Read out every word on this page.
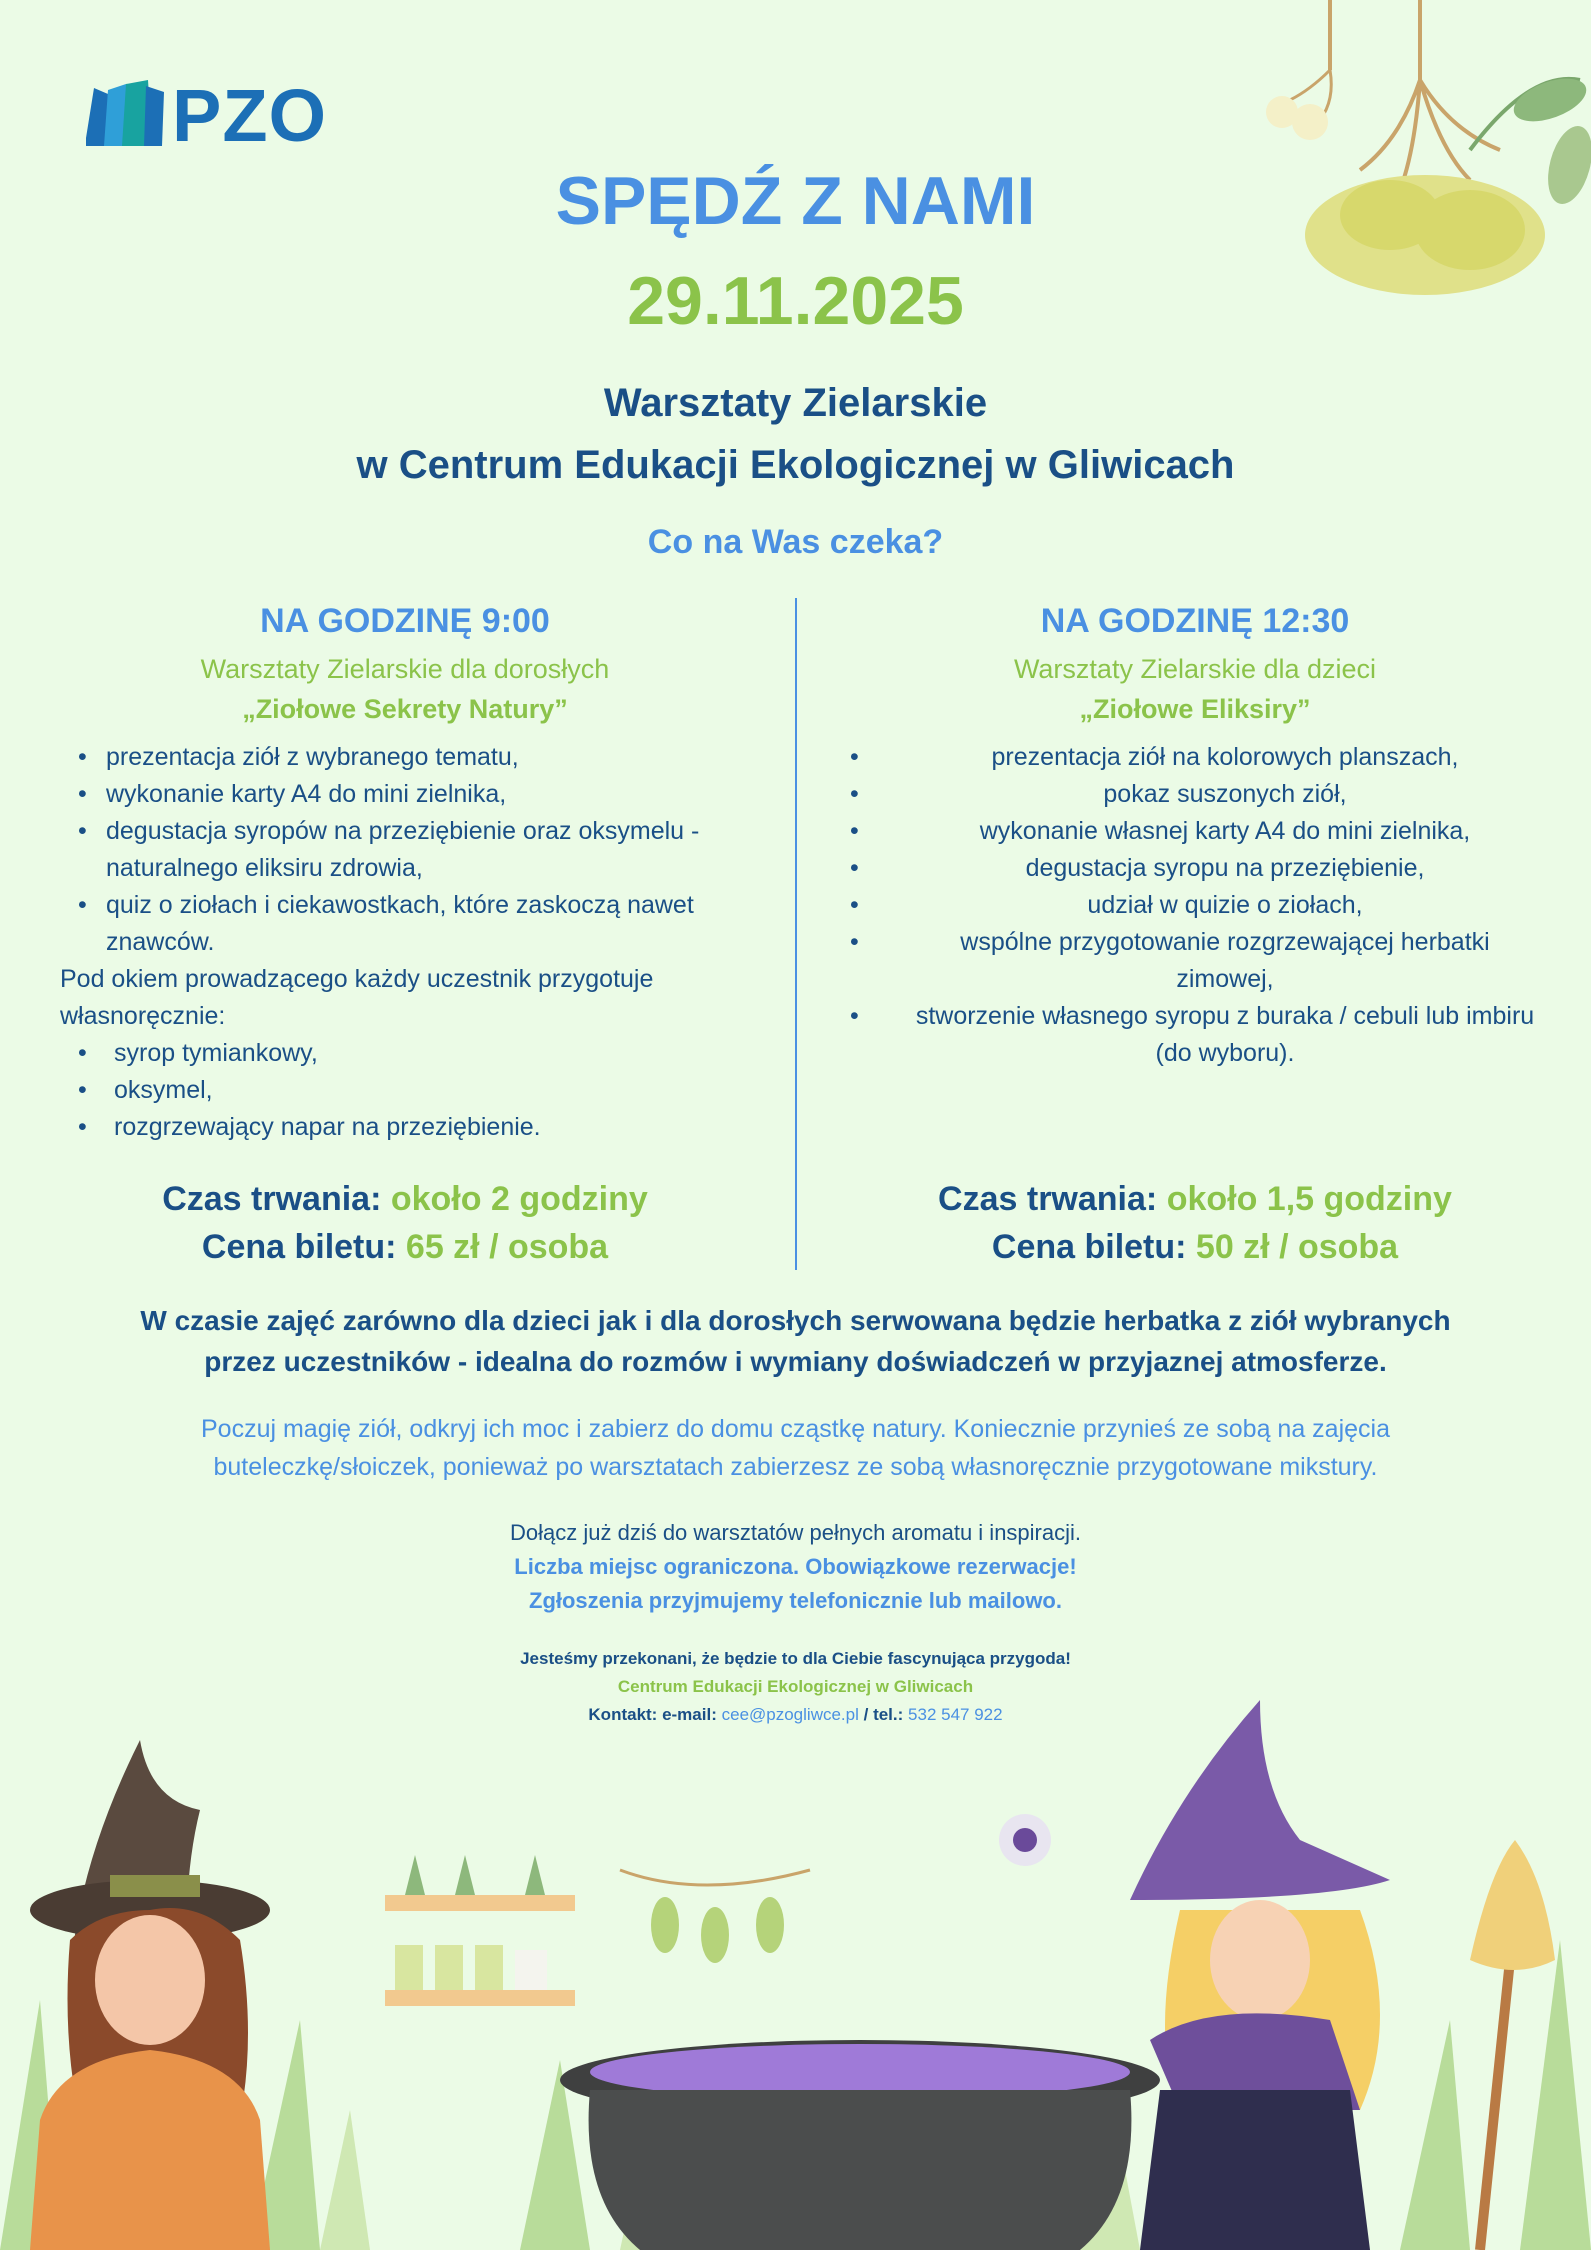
PZO
SPĘDŹ Z NAMI
29.11.2025
Warsztaty Zielarskie
w Centrum Edukacji Ekologicznej w Gliwicach
Co na Was czeka?
NA GODZINĘ 9:00
Warsztaty Zielarskie dla dorosłych
„Ziołowe Sekrety Natury”
• prezentacja ziół z wybranego tematu,
• wykonanie karty A4 do mini zielnika,
• degustacja syropów na przeziębienie oraz oksymelu - naturalnego eliksiru zdrowia,
• quiz o ziołach i ciekawostkach, które zaskoczą nawet znawców.
Pod okiem prowadzącego każdy uczestnik przygotuje własnoręcznie:
• syrop tymiankowy,
• oksymel,
• rozgrzewający napar na przeziębienie.
Czas trwania: około 2 godziny
Cena biletu: 65 zł / osoba
NA GODZINĘ 12:30
Warsztaty Zielarskie dla dzieci
„Ziołowe Eliksiry”
• prezentacja ziół na kolorowych planszach,
• pokaz suszonych ziół,
• wykonanie własnej karty A4 do mini zielnika,
• degustacja syropu na przeziębienie,
• udział w quizie o ziołach,
• wspólne przygotowanie rozgrzewającej herbatki zimowej,
• stworzenie własnego syropu z buraka / cebuli lub imbiru (do wyboru).
Czas trwania: około 1,5 godziny
Cena biletu: 50 zł / osoba
W czasie zajęć zarówno dla dzieci jak i dla dorosłych serwowana będzie herbatka z ziół wybranych
przez uczestników - idealna do rozmów i wymiany doświadczeń w przyjaznej atmosferze.
Poczuj magię ziół, odkryj ich moc i zabierz do domu cząstkę natury. Koniecznie przynieś ze sobą na zajęcia
buteleczkę/słoiczek, ponieważ po warsztatach zabierzesz ze sobą własnoręcznie przygotowane mikstury.
Dołącz już dziś do warsztatów pełnych aromatu i inspiracji.
Liczba miejsc ograniczona. Obowiązkowe rezerwacje!
Zgłoszenia przyjmujemy telefonicznie lub mailowo.
Jesteśmy przekonani, że będzie to dla Ciebie fascynująca przygoda!
Centrum Edukacji Ekologicznej w Gliwicach
Kontakt: e-mail: cee@pzogliwce.pl / tel.: 532 547 922
